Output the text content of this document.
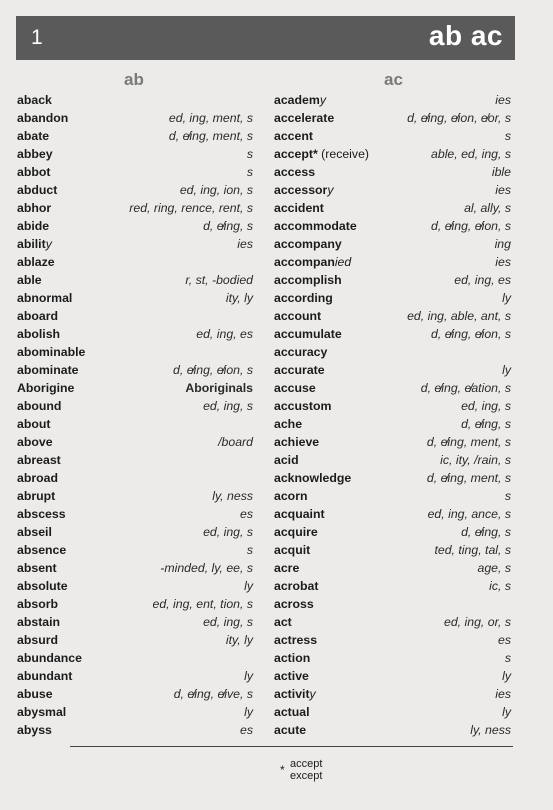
1	ab ac
ab	ac
aback
abandon	ed, ing, ment, s
abate	d, e̸ing, ment, s
abbey	s
abbot	s
abduct	ed, ing, ion, s
abhor	red, ring, rence, rent, s
abide	d, e̸ing, s
ability	ies
ablaze
able	r, st, -bodied
abnormal	ity, ly
aboard
abolish	ed, ing, es
abominable
abominate	d, e̸ing, e̸ion, s
Aborigine	Aboriginals
abound	ed, ing, s
about
above	/board
abreast
abroad
abrupt	ly, ness
abscess	es
abseil	ed, ing, s
absence	s
absent	-minded, ly, ee, s
absolute	ly
absorb	ed, ing, ent, tion, s
abstain	ed, ing, s
absurd	ity, ly
abundance
abundant	ly
abuse	d, e̸ing, e̸ive, s
abysmal	ly
abyss	es
academy	ies
accelerate	d, e̸ing, e̸ion, e̸or, s
accent	s
accept* (receive)	able, ed, ing, s
access	ible
accessory	ies
accident	al, ally, s
accommodate	d, e̸ing, e̸ion, s
accompany	ing
accompanied	ies
accomplish	ed, ing, es
according	ly
account	ed, ing, able, ant, s
accumulate	d, e̸ing, e̸ion, s
accuracy
accurate	ly
accuse	d, e̸ing, e̸ation, s
accustom	ed, ing, s
ache	d, e̸ing, s
achieve	d, e̸ing, ment, s
acid	ic, ity, /rain, s
acknowledge	d, e̸ing, ment, s
acorn	s
acquaint	ed, ing, ance, s
acquire	d, e̸ing, s
acquit	ted, ting, tal, s
acre	age, s
acrobat	ic, s
across
act	ed, ing, or, s
actress	es
action	s
active	ly
activity	ies
actual	ly
acute	ly, ness
* accept
except
